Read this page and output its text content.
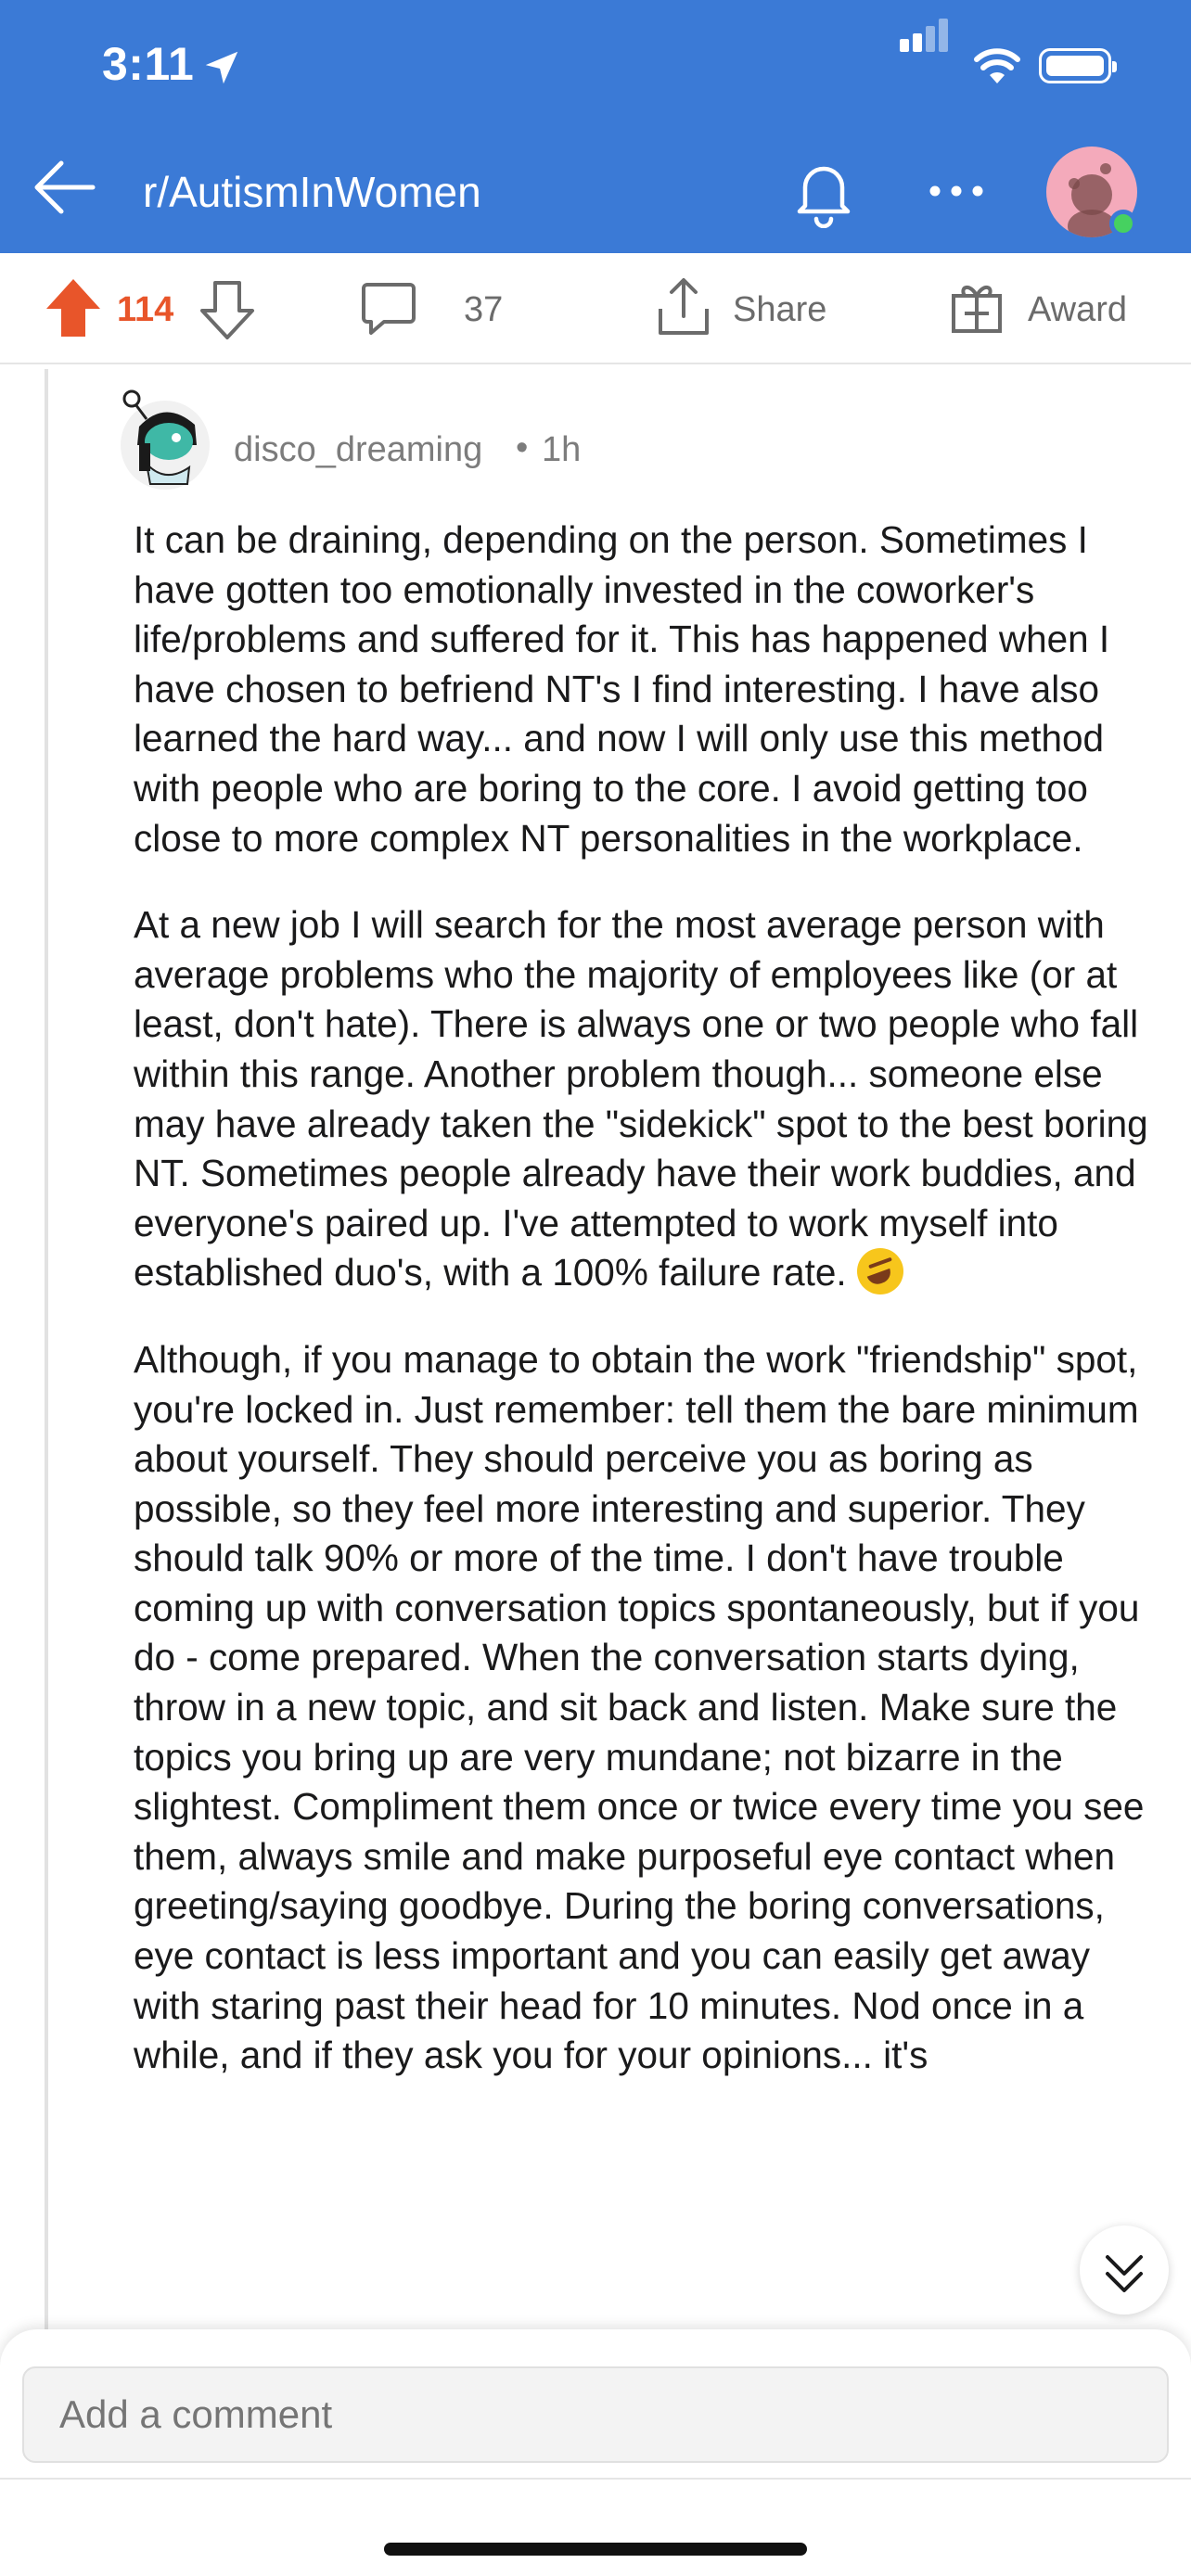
3:11
r/AutismInWomen
114	37	Share	Award
disco_dreaming • 1h

It can be draining, depending on the person. Sometimes I have gotten too emotionally invested in the coworker's life/problems and suffered for it. This has happened when I have chosen to befriend NT's I find interesting. I have also learned the hard way... and now I will only use this method with people who are boring to the core. I avoid getting too close to more complex NT personalities in the workplace.

At a new job I will search for the most average person with average problems who the majority of employees like (or at least, don't hate). There is always one or two people who fall within this range. Another problem though... someone else may have already taken the "sidekick" spot to the best boring NT. Sometimes people already have their work buddies, and everyone's paired up. I've attempted to work myself into established duo's, with a 100% failure rate.

Although, if you manage to obtain the work "friendship" spot, you're locked in. Just remember: tell them the bare minimum about yourself. They should perceive you as boring as possible, so they feel more interesting and superior. They should talk 90% or more of the time. I don't have trouble coming up with conversation topics spontaneously, but if you do - come prepared. When the conversation starts dying, throw in a new topic, and sit back and listen. Make sure the topics you bring up are very mundane; not bizarre in the slightest. Compliment them once or twice every time you see them, always smile and make purposeful eye contact when greeting/saying goodbye. During the boring conversations, eye contact is less important and you can easily get away with staring past their head for 10 minutes. Nod once in a while, and if they ask you for your opinions... it's

Add a comment
